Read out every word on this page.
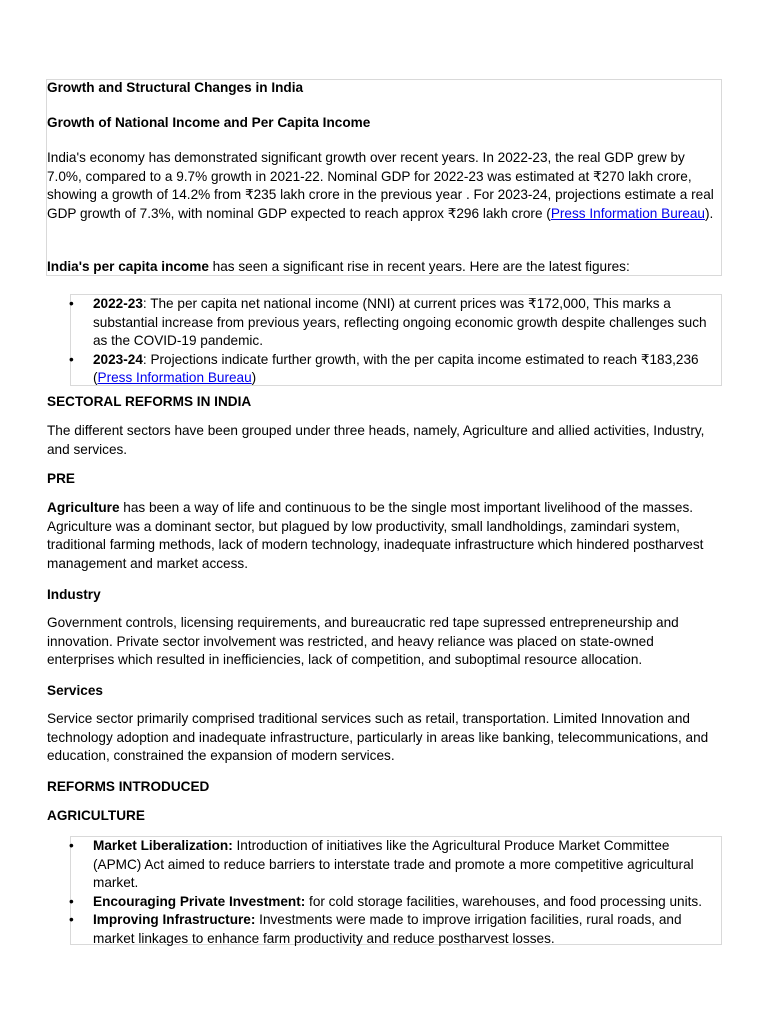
Growth and Structural Changes in India

Growth of National Income and Per Capita Income

India's economy has demonstrated significant growth over recent years. In 2022-23, the real GDP grew by 7.0%, compared to a 9.7% growth in 2021-22. Nominal GDP for 2022-23 was estimated at ₹270 lakh crore, showing a growth of 14.2% from ₹235 lakh crore in the previous year . For 2023-24, projections estimate a real GDP growth of 7.3%, with nominal GDP expected to reach approx ₹296 lakh crore (Press Information Bureau).

India's per capita income has seen a significant rise in recent years. Here are the latest figures:

• 2022-23: The per capita net national income (NNI) at current prices was ₹172,000, This marks a substantial increase from previous years, reflecting ongoing economic growth despite challenges such as the COVID-19 pandemic.
• 2023-24: Projections indicate further growth, with the per capita income estimated to reach ₹183,236 (Press Information Bureau)

SECTORAL REFORMS IN INDIA

The different sectors have been grouped under three heads, namely, Agriculture and allied activities, Industry, and services.

PRE

Agriculture has been a way of life and continuous to be the single most important livelihood of the masses. Agriculture was a dominant sector, but plagued by low productivity, small landholdings, zamindari system, traditional farming methods, lack of modern technology, inadequate infrastructure which hindered postharvest management and market access.

Industry

Government controls, licensing requirements, and bureaucratic red tape supressed entrepreneurship and innovation. Private sector involvement was restricted, and heavy reliance was placed on state-owned enterprises which resulted in inefficiencies, lack of competition, and suboptimal resource allocation.

Services

Service sector primarily comprised traditional services such as retail, transportation. Limited Innovation and technology adoption and inadequate infrastructure, particularly in areas like banking, telecommunications, and education, constrained the expansion of modern services.

REFORMS INTRODUCED

AGRICULTURE

• Market Liberalization: Introduction of initiatives like the Agricultural Produce Market Committee (APMC) Act aimed to reduce barriers to interstate trade and promote a more competitive agricultural market.
• Encouraging Private Investment: for cold storage facilities, warehouses, and food processing units.
• Improving Infrastructure: Investments were made to improve irrigation facilities, rural roads, and market linkages to enhance farm productivity and reduce postharvest losses.
